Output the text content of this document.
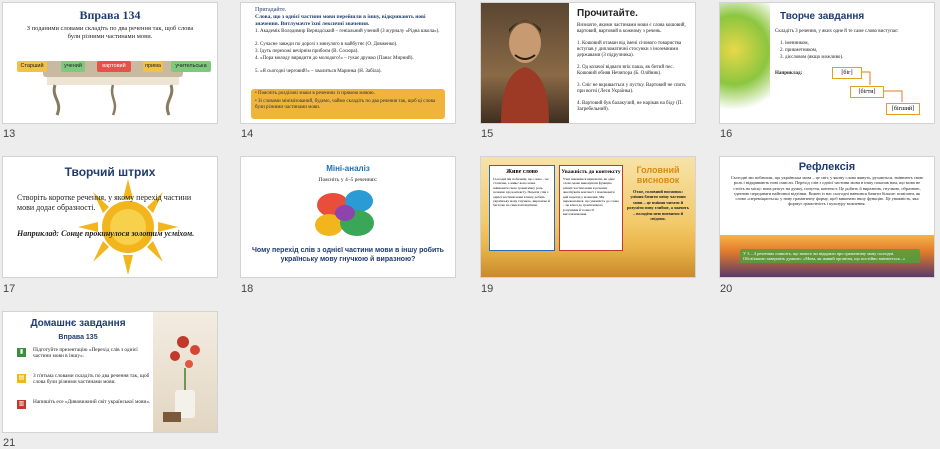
Вправа 134
З поданими словами складіть по два речення так, щоб слова були різними частинами мови.
Старший	учений	вартовий	прима	учительська
13
Пригадайте.
Слова, що з однієї частини мови перейшли в іншу, відкривають нові значення. Витлумачте їхні лексичні значення.
1. Академік Володимир Вернадський – геніальний учений (З журналу «Рідна школа»).
2. Сучасне завжди по дорозі з минулого в майбутнє (О. Довженко).
3. Ідуть перехожі вечірнім прибоєм (В. Сосюра).
4. «Пора молоду вирядити до молодого!» – гукає дружко (Панас Мирний).
5. «Я сьогодні черговий!» – хвалиться Маринка (Н. Забіла).
• Поясніть розділові знаки в реченнях із прямою мовою.
• Зі словами мінімізований, будемо, чаймо складіть по два речення так, щоб ці слова були різними частинами мови.
14
Прочитайте.
Визначте, якими частинами мови є слова кошовий, вартовий, вартовий в кожному з речень.
1. Кошовий отаман від імені січового товариства вступав у дипломатичні стосунки з іноземними державами (З підручника).
2. Од козачої відваги втік паша, як битий пес. Кошовий обняв Нечипора (Б. Олійник).
3. Сніг не вкривається у пустку. Вартовий не спить при вогні (Леся Українка).
4. Вартовий був балакучий, не нарікав на біду (П. Загребельний).
15
Творче завдання
Складіть 3 речення, у яких одне й те саме слово виступає:
1. іменником,
2. прикметником,
3. дієсловом (якщо можливо).
Наприклад:	[біг]
[бігти]
[бігший]
16
Творчий штрих
Створіть коротке речення, у якому перехід частини мови додає образності.
Наприклад: Сонце прокинулося золотим усміхом.
17
Міні-аналіз
Поясніть у 4–5 реченнях:
Чому перехід слів з однієї частини мови в іншу робить українську мову гнучкою й виразною?
18
Живе слово
Сьогодні ми побачили, що слово – не статичне, а живе: воно може змінювати свою граматичну роль залежно від контексту. Перехід слів з однієї частини мови в іншу робить українську мову гнучкою, виразною й багатою на смислові відтінки.
Уважність до контексту
Учні навчилися визначати, як одне слово може виконувати функцію різних частин мови в реченні, аналізувати контекст і пояснювати цей перехід у мовленні. Ми переконалися, що уважність до слова – це ключ до граматичного розуміння й точності висловлювання.
Головний висновок
Отже, головний висновок: уміння бачити зміну частини мови – це вміння читати й розуміти мову глибше, а значить – володіти нею впевнено й свідомо.
19
Рефлексія
Сьогодні ми побачили, що українська мова – це світ, у якому слова живуть, рухаються, змінюють свою роль і відкривають нові смисли. Перехід слів з однієї частини мови в іншу показав нам, що мова не стоїть на місці: вона реагує на думку, почуття, контекст. Це робить її виразною, гнучкою, образною, здатною передавати найтонші відтінки. Кожен із нас сьогодні навчився бачити більше: помічати, як слово «переміщається» у нову граматичну форму, щоб виконати іншу функцію. Це уважність, яка формує грамотність і культуру мовлення.
У 3 – 4 реченнях опишіть, що нового ви відкрили про граматичну мову сьогодні. Обов'язково завершіть думкою: «Мова, як живий організм, що постійно змінюється...»
20
Домашнє завдання
Вправа 135
▮	Підготуйте презентацію «Перехід слів з однієї частини мови в іншу».
▤	З п'ятьма словами складіть по два речення так, щоб слова були різними частинами мови.
▥	Напишіть есе «Дивовижний світ української мови».
21
